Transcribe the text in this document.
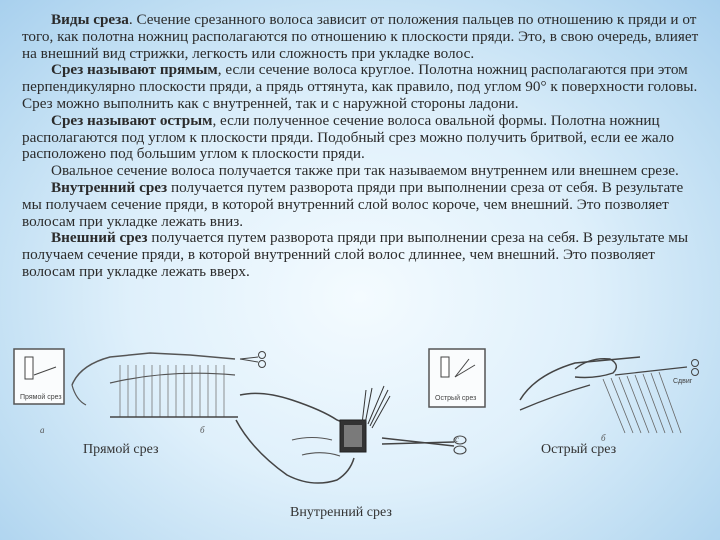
Виды среза. Сечение срезанного волоса зависит от положения пальцев по отношению к пряди и от того, как полотна ножниц располагаются по отношению к плоскости пряди. Это, в свою очередь, влияет на внешний вид стрижки, легкость или сложность при укладке волос.

Срез называют прямым, если сечение волоса круглое. Полотна ножниц располагаются при этом перпендикулярно плоскости пряди, а прядь оттянута, как правило, под углом 90° к поверхности головы. Срез можно выполнить как с внутренней, так и с наружной стороны ладони.

Срез называют острым, если полученное сечение волоса овальной формы. Полотна ножниц располагаются под углом к плоскости пряди. Подобный срез можно получить бритвой, если ее жало расположено под большим углом к плоскости пряди.

Овальное сечение волоса получается также при так называемом внутреннем или внешнем срезе.

Внутренний срез получается путем разворота пряди при выполнении среза от себя. В результате мы получаем сечение пряди, в которой внутренний слой волос короче, чем внешний. Это позволяет волосам при укладке лежать вниз.

Внешний срез получается путем разворота пряди при выполнении среза на себя. В результате мы получаем сечение пряди, в которой внутренний слой волос длиннее, чем внешний. Это позволяет волосам при укладке лежать вверх.

Прямой срез
а	б
с
Острый срез
Сдвиг
б
Прямой срез	Острый срез
Внутренний срез
